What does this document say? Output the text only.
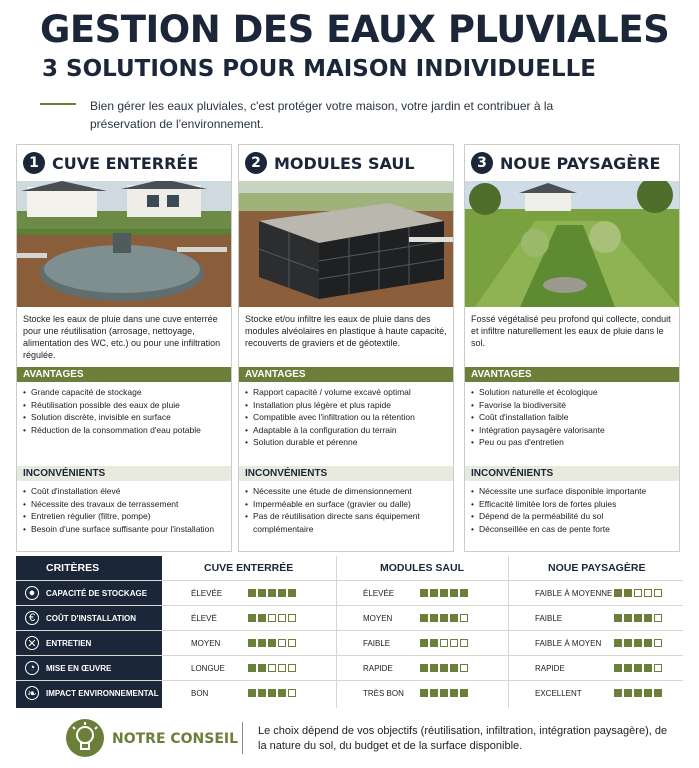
GESTION DES EAUX PLUVIALES
3 SOLUTIONS POUR MAISON INDIVIDUELLE
Bien gérer les eaux pluviales, c'est protéger votre maison, votre jardin et contribuer à la préservation de l'environnement.
1 CUVE ENTERRÉE
Stocke les eaux de pluie dans une cuve enterrée pour une réutilisation (arrosage, nettoyage, alimentation des WC, etc.) ou pour une infiltration régulée.
AVANTAGES
• Grande capacité de stockage
• Réutilisation possible des eaux de pluie
• Solution discrète, invisible en surface
• Réduction de la consommation d'eau potable
INCONVÉNIENTS
• Coût d'installation élevé
• Nécessite des travaux de terrassement
• Entretien régulier (filtre, pompe)
• Besoin d'une surface suffisante pour l'installation
2 MODULES SAUL
Stocke et/ou infiltre les eaux de pluie dans des modules alvéolaires en plastique à haute capacité, recouverts de graviers et de géotextile.
AVANTAGES
• Rapport capacité / volume excavé optimal
• Installation plus légère et plus rapide
• Compatible avec l'infiltration ou la rétention
• Adaptable à la configuration du terrain
• Solution durable et pérenne
INCONVÉNIENTS
• Nécessite une étude de dimensionnement
• Imperméable en surface (gravier ou dalle)
• Pas de réutilisation directe sans équipement complémentaire
3 NOUE PAYSAGÈRE
Fossé végétalisé peu profond qui collecte, conduit et infiltre naturellement les eaux de pluie dans le sol.
AVANTAGES
• Solution naturelle et écologique
• Favorise la biodiversité
• Coût d'installation faible
• Intégration paysagère valorisante
• Peu ou pas d'entretien
INCONVÉNIENTS
• Nécessite une surface disponible importante
• Efficacité limitée lors de fortes pluies
• Dépend de la perméabilité du sol
• Déconseillée en cas de pente forte
CRITÈRES	CUVE ENTERRÉE	MODULES SAUL	NOUE PAYSAGÈRE
●	CAPACITÉ DE STOCKAGE	ÉLEVÉE	ÉLEVÉE	FAIBLE À MOYENNE
€	COÛT D'INSTALLATION	ÉLEVÉ	MOYEN	FAIBLE
✕ ENTRETIEN	MOYEN	FAIBLE	FAIBLE À MOYEN
◔	MISE EN ŒUVRE	LONGUE	RAPIDE	RAPIDE
❧ IMPACT ENVIRONNEMENTAL	BON	TRÈS BON	EXCELLENT
NOTRE CONSEIL Le choix dépend de vos objectifs (réutilisation, infiltration, intégration paysagère), de la nature du sol, du budget et de la surface disponible.
